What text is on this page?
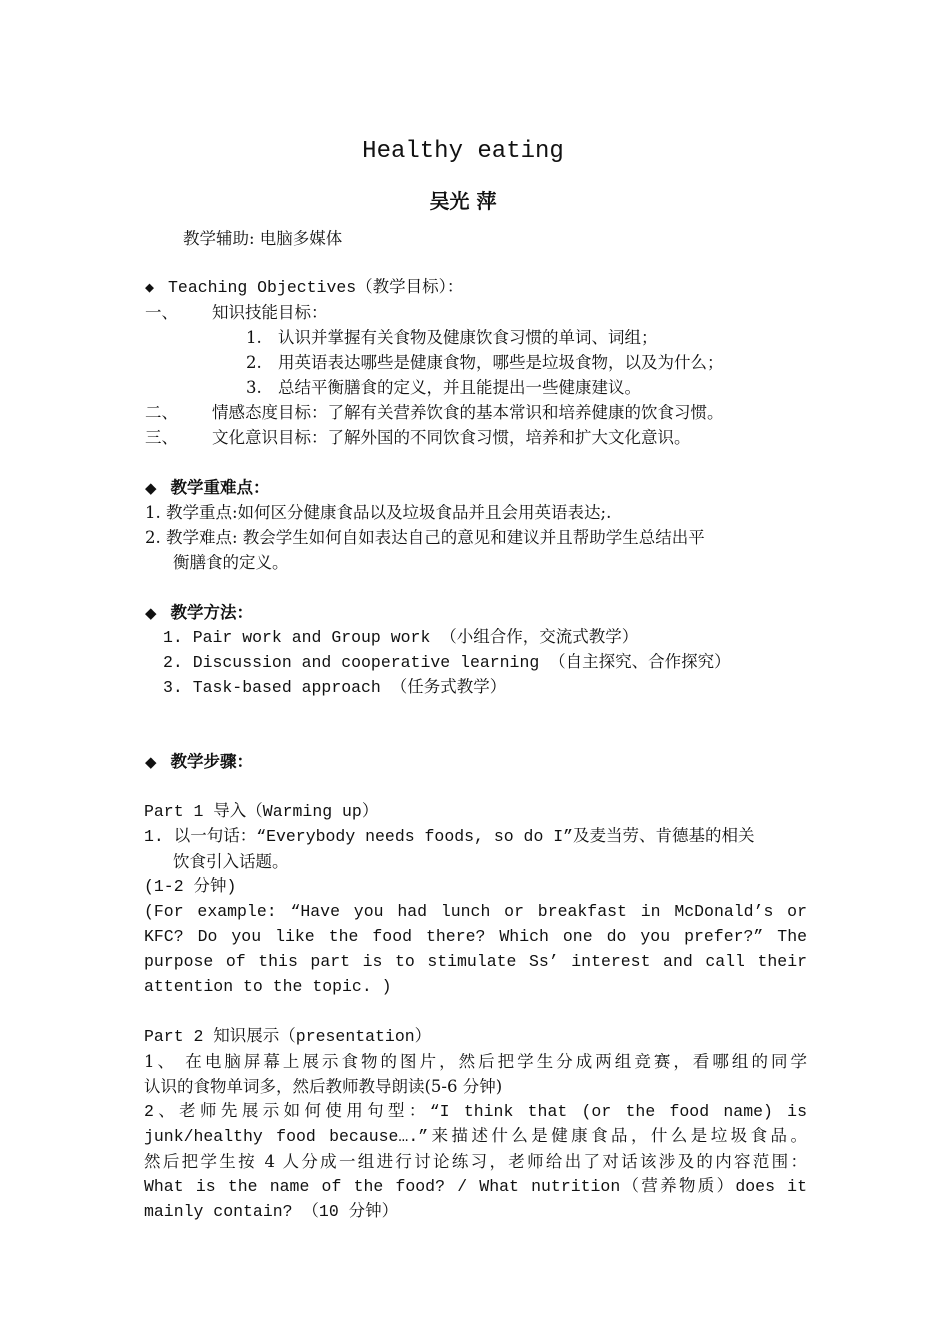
Healthy eating
吴光 萍
教学辅助: 电脑多媒体
◆ Teaching Objectives（教学目标）：
一、 知识技能目标：
1. 认识并掌握有关食物及健康饮食习惯的单词、词组；
2. 用英语表达哪些是健康食物，哪些是垃圾食物，以及为什么；
3. 总结平衡膳食的定义，并且能提出一些健康建议。
二、 情感态度目标：了解有关营养饮食的基本常识和培养健康的饮食习惯。
三、 文化意识目标：了解外国的不同饮食习惯，培养和扩大文化意识。
◆ 教学重难点：
1. 教学重点:如何区分健康食品以及垃圾食品并且会用英语表达;.
2. 教学难点: 教会学生如何自如表达自己的意见和建议并且帮助学生总结出平
衡膳食的定义。
◆ 教学方法：
1. Pair work and Group work （小组合作，交流式教学）
2. Discussion and cooperative learning （自主探究、合作探究）
3. Task-based approach （任务式教学）
◆ 教学步骤：
Part 1 导入（Warming up）
1. 以一句话：“Everybody needs foods, so do I”及麦当劳、肯德基的相关
饮食引入话题。
(1-2 分钟)
(For example: “Have you had lunch or breakfast in McDonald’s or
KFC? Do you like the food there? Which one do you prefer?” The
purpose of this part is to stimulate Ss’ interest and call their
attention to the topic. )
Part 2 知识展示（presentation）
1、 在电脑屏幕上展示食物的图片，然后把学生分成两组竞赛，看哪组的同学
认识的食物单词多，然后教师教导朗读(5-6 分钟)
2、老师先展示如何使用句型：“I think that (or the food name) is
junk/healthy food because….”来描述什么是健康食品，什么是垃圾食品。
然后把学生按 4 人分成一组进行讨论练习，老师给出了对话该涉及的内容范围：
What is the name of the food? / What nutrition（营养物质）does it
mainly contain? （10 分钟）
